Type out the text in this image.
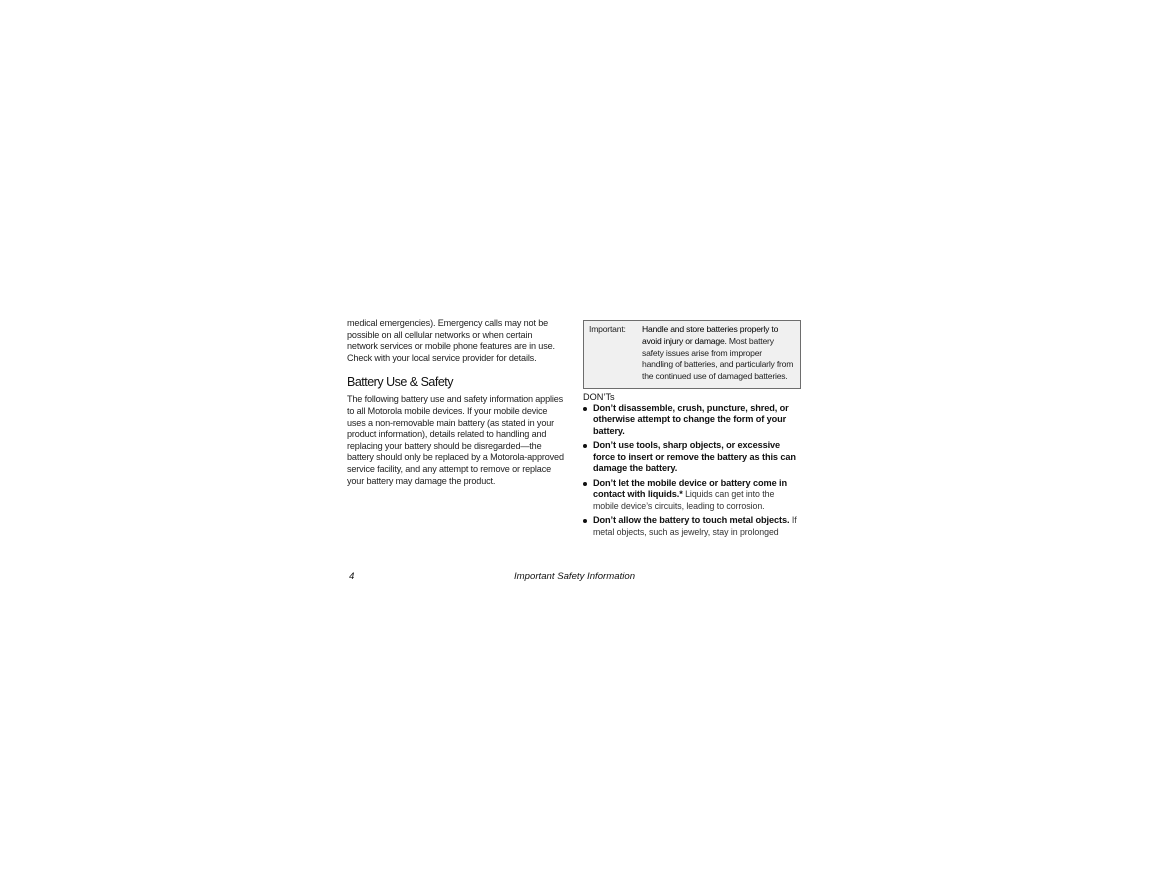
medical emergencies). Emergency calls may not be possible on all cellular networks or when certain network services or mobile phone features are in use. Check with your local service provider for details.

Battery Use & Safety

The following battery use and safety information applies to all Motorola mobile devices. If your mobile device uses a non-removable main battery (as stated in your product information), details related to handling and replacing your battery should be disregarded—the battery should only be replaced by a Motorola-approved service facility, and any attempt to remove or replace your battery may damage the product.

Important:	Handle and store batteries properly to avoid injury or damage. Most battery safety issues arise from improper handling of batteries, and particularly from the continued use of damaged batteries.
DON’Ts
Don’t disassemble, crush, puncture, shred, or otherwise attempt to change the form of your battery.
Don’t use tools, sharp objects, or excessive force to insert or remove the battery as this can damage the battery.
Don’t let the mobile device or battery come in contact with liquids.* Liquids can get into the mobile device’s circuits, leading to corrosion.
Don’t allow the battery to touch metal objects. If metal objects, such as jewelry, stay in prolonged
4	Important Safety Information
